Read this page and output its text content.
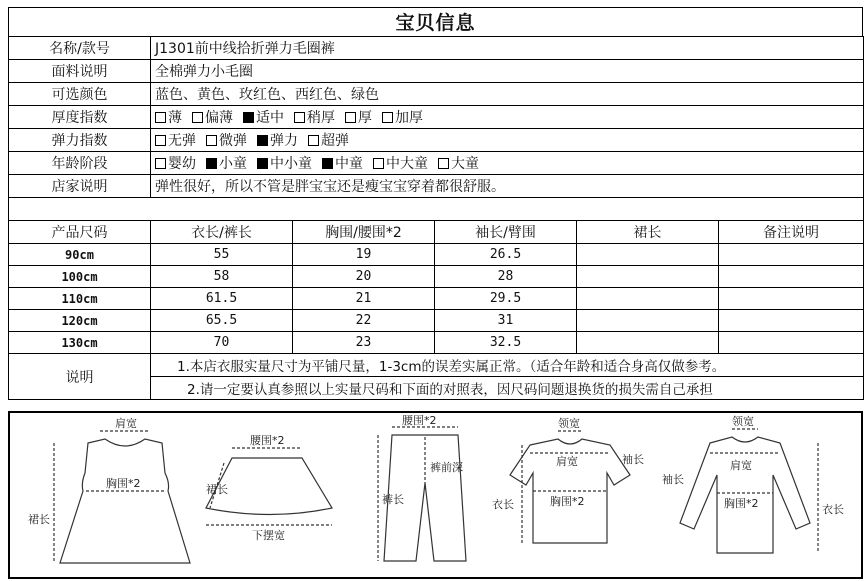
宝贝信息
名称/款号	J1301前中线拾折弹力毛圈裤				
面料说明	全棉弹力小毛圈				
可选颜色	蓝色、黄色、玫红色、西红色、绿色				
厚度指数	薄 偏薄 适中 稍厚 厚 加厚				
弹力指数	无弹 微弹 弹力 超弹				
年龄阶段	婴幼 小童 中小童 中童 中大童 大童				
店家说明	弹性很好，所以不管是胖宝宝还是瘦宝宝穿着都很舒服。				

产品尺码	衣长/裤长	胸围/腰围*2	袖长/臂围	裙长	备注说明
90cm	55	19	26.5		
100cm	58	20	28		
110cm	61.5	21	29.5		
120cm	65.5	22	31		
130cm	70	23	32.5		
说明	1.本店衣服实量尺寸为平铺尺量，1-3cm的误差实属正常。（适合年龄和适合身高仅做参考。				
	2.请一定要认真参照以上实量尺码和下面的对照表，因尺码问题退换货的损失需自己承担				
肩宽
胸围*2
裙长
腰围*2
裙长
下摆宽
腰围*2
裤长
裤前深
领宽
肩宽	袖长
胸围*2
衣长
领宽
肩宽
袖长
胸围*2	衣长
